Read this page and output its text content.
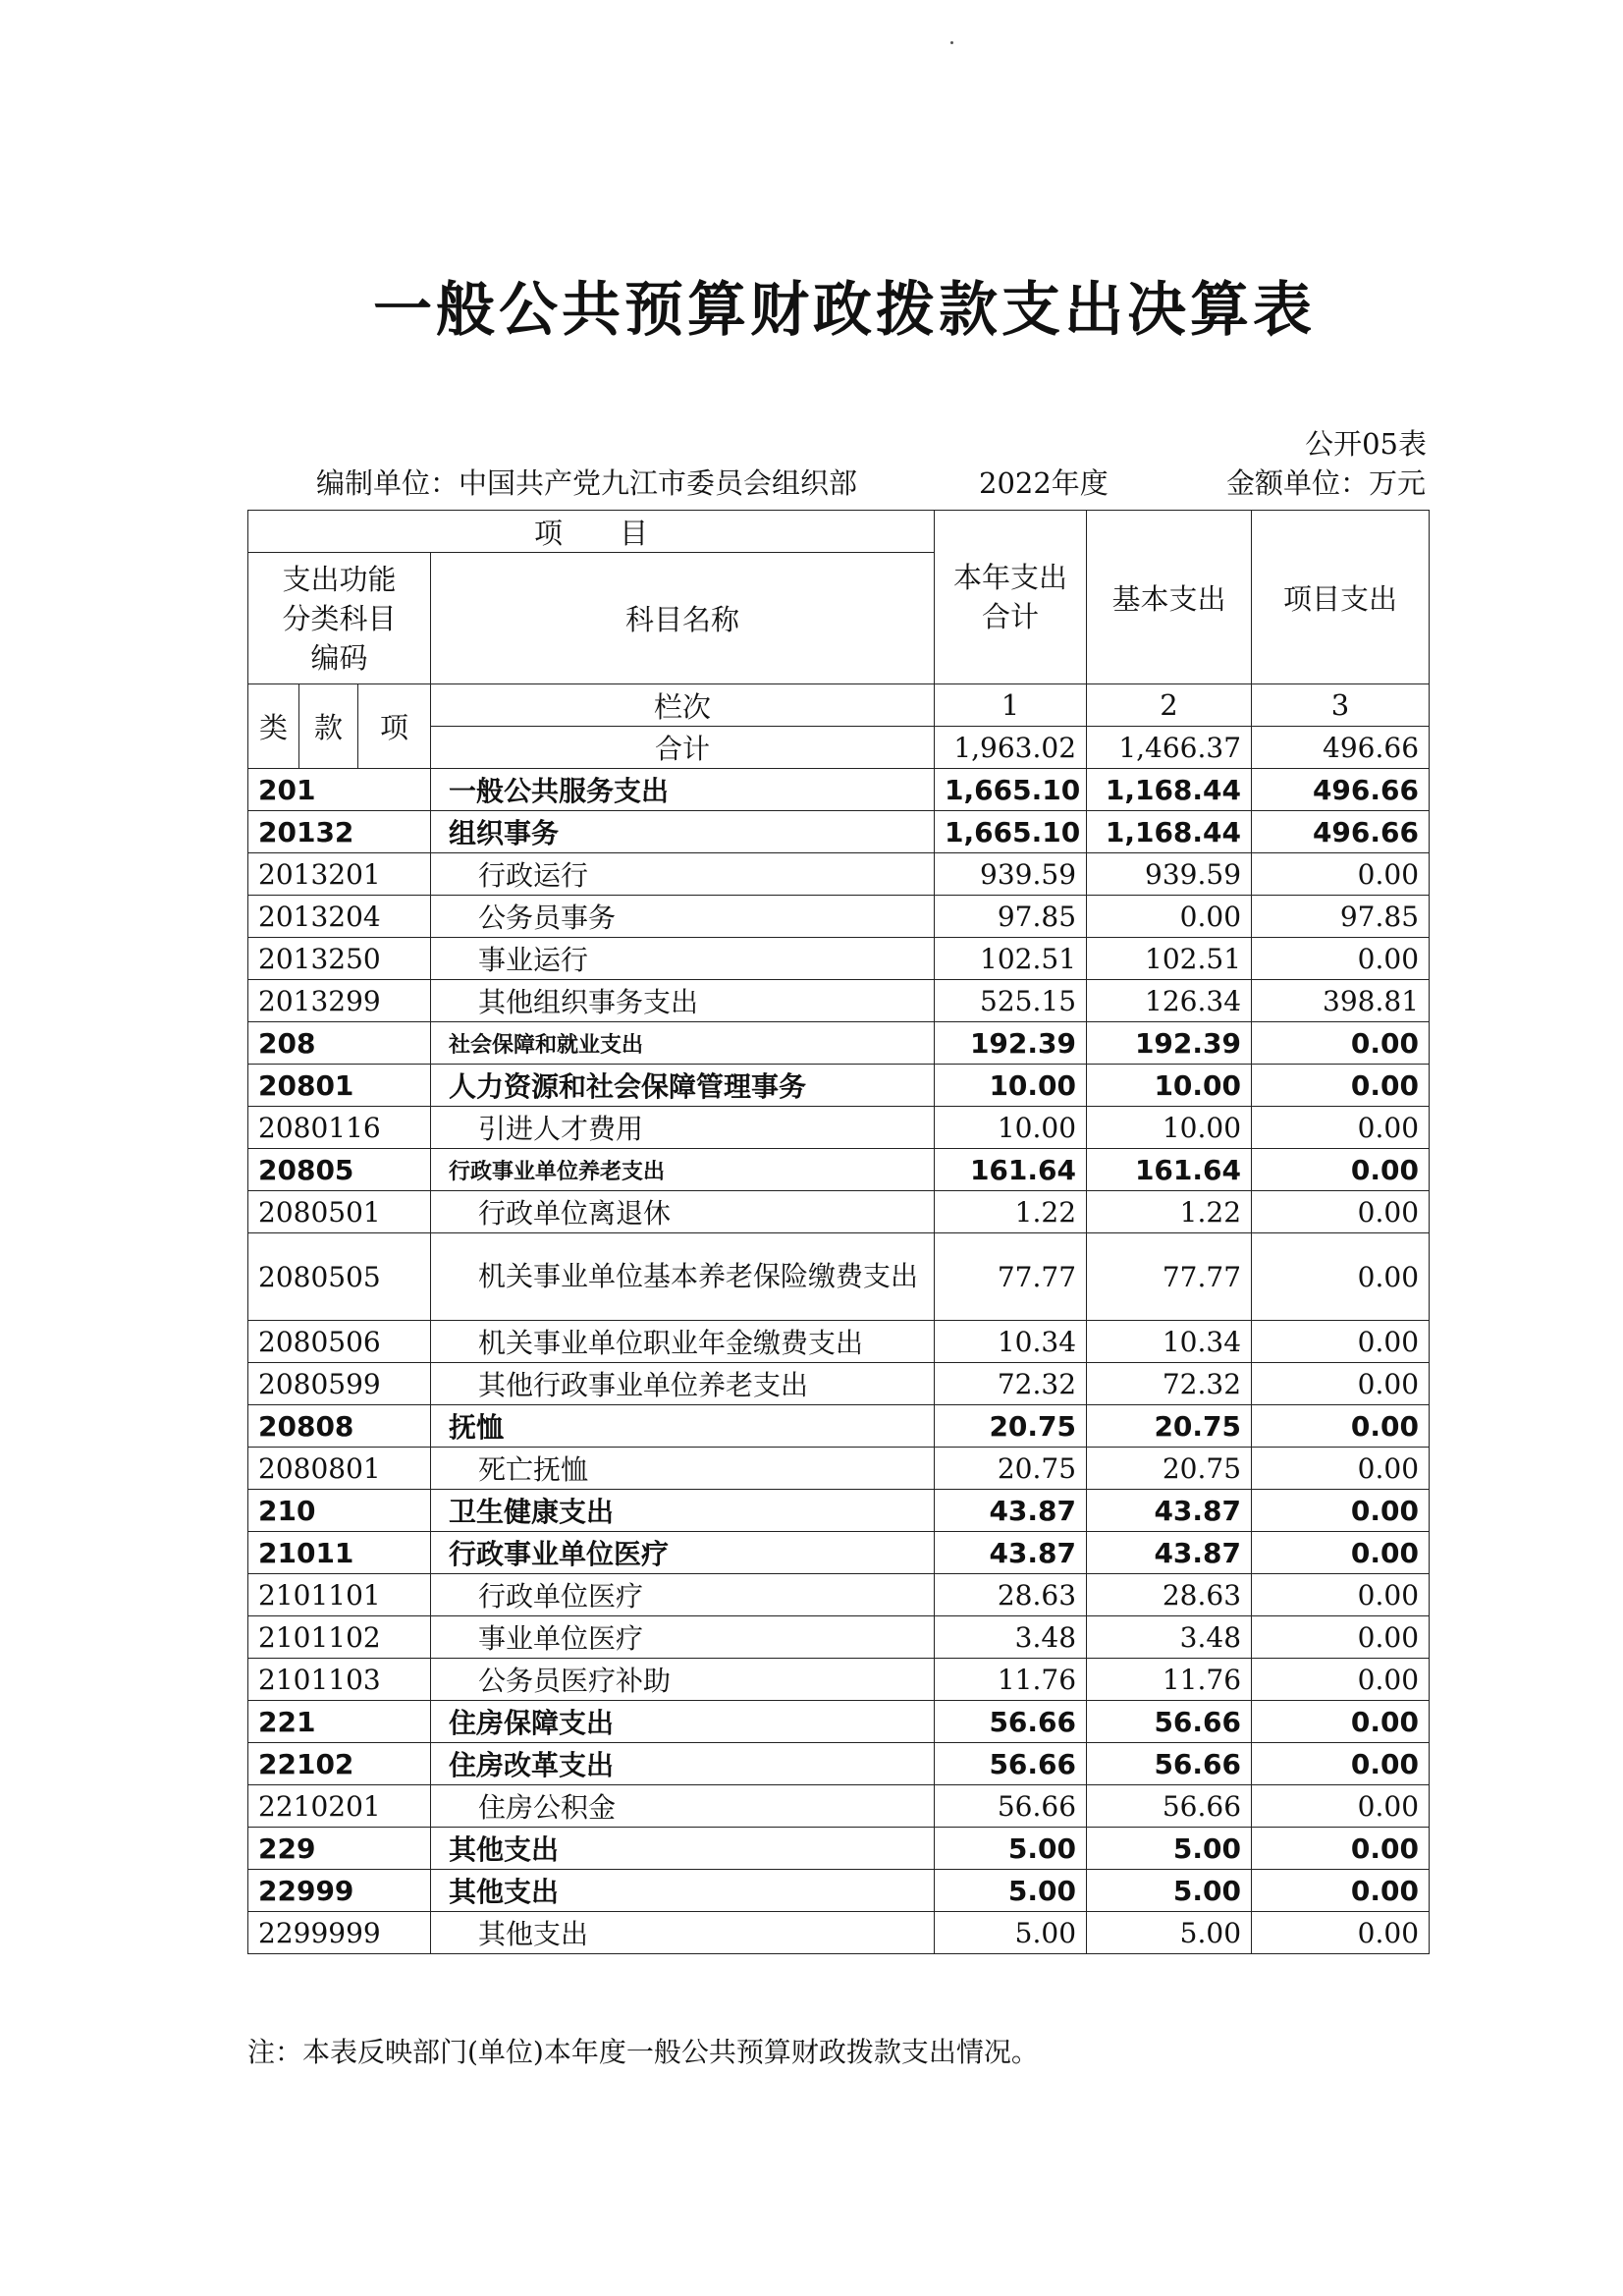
一般公共预算财政拨款支出决算表
公开05表
编制单位：中国共产党九江市委员会组织部	2022年度	金额单位：万元
项　　目				本年支出合计	基本支出	项目支出
支出功能分类科目编码			科目名称			

类	款	项	栏次	1	2	3
			合计	1,963.02	1,466.37	496.66
201			一般公共服务支出	1,665.10	1,168.44	496.66
20132			组织事务	1,665.10	1,168.44	496.66
2013201			行政运行	939.59	939.59	0.00
2013204			公务员事务	97.85	0.00	97.85
2013250			事业运行	102.51	102.51	0.00
2013299			其他组织事务支出	525.15	126.34	398.81
208			社会保障和就业支出	192.39	192.39	0.00
20801			人力资源和社会保障管理事务	10.00	10.00	0.00
2080116			引进人才费用	10.00	10.00	0.00
20805			行政事业单位养老支出	161.64	161.64	0.00
2080501			行政单位离退休	1.22	1.22	0.00
2080505			机关事业单位基本养老保险缴费支出	77.77	77.77	0.00
2080506			机关事业单位职业年金缴费支出	10.34	10.34	0.00
2080599			其他行政事业单位养老支出	72.32	72.32	0.00
20808			抚恤	20.75	20.75	0.00
2080801			死亡抚恤	20.75	20.75	0.00
210			卫生健康支出	43.87	43.87	0.00
21011			行政事业单位医疗	43.87	43.87	0.00
2101101			行政单位医疗	28.63	28.63	0.00
2101102			事业单位医疗	3.48	3.48	0.00
2101103			公务员医疗补助	11.76	11.76	0.00
221			住房保障支出	56.66	56.66	0.00
22102			住房改革支出	56.66	56.66	0.00
2210201			住房公积金	56.66	56.66	0.00
229			其他支出	5.00	5.00	0.00
22999			其他支出	5.00	5.00	0.00
2299999			其他支出	5.00	5.00	0.00
注：本表反映部门(单位)本年度一般公共预算财政拨款支出情况。
